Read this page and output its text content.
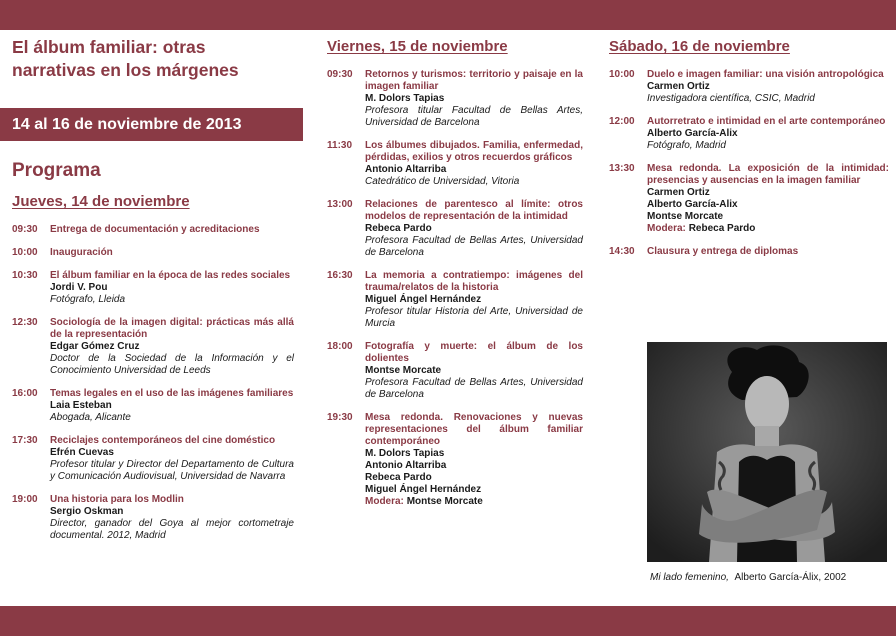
El álbum familiar: otras
narrativas en los márgenes
14 al 16 de noviembre de 2013
Programa
Jueves, 14 de noviembre
09:30	Entrega de documentación y acreditaciones
10:00	Inauguración
10:30	El álbum familiar en la época de las redes sociales
Jordi V. Pou
Fotógrafo, Lleida
12:30	Sociología de la imagen digital: prácticas más allá de la representación
Edgar Gómez Cruz
Doctor de la Sociedad de la Información y el Conocimiento Universidad de Leeds
16:00	Temas legales en el uso de las imágenes familiares
Laia Esteban
Abogada, Alicante
17:30	Reciclajes contemporáneos del cine doméstico
Efrén Cuevas
Profesor titular y Director del Departamento de Cultura y Comunicación Audiovisual, Universidad de Navarra
19:00	Una historia para los Modlin
Sergio Oskman
Director, ganador del Goya al mejor cortometraje documental. 2012, Madrid
Viernes, 15 de noviembre
09:30	Retornos y turismos: territorio y paisaje en la imagen familiar
M. Dolors Tapias
Profesora titular Facultad de Bellas Artes, Universidad de Barcelona
11:30	Los álbumes dibujados. Familia, enfermedad, pérdidas, exilios y otros recuerdos gráficos
Antonio Altarriba
Catedrático de Universidad, Vitoria
13:00	Relaciones de parentesco al límite: otros modelos de representación de la intimidad
Rebeca Pardo
Profesora Facultad de Bellas Artes, Universidad de Barcelona
16:30	La memoria a contratiempo: imágenes del trauma/relatos de la historia
Miguel Ángel Hernández
Profesor titular Historia del Arte, Universidad de Murcia
18:00	Fotografía y muerte: el álbum de los dolientes
Montse Morcate
Profesora Facultad de Bellas Artes, Universidad de Barcelona
19:30	Mesa redonda. Renovaciones y nuevas representaciones del álbum familiar contemporáneo
M. Dolors Tapias
Antonio Altarriba
Rebeca Pardo
Miguel Ángel Hernández
Modera: Montse Morcate
Sábado, 16 de noviembre
10:00	Duelo e imagen familiar: una visión antropológica
Carmen Ortiz
Investigadora científica, CSIC, Madrid
12:00	Autorretrato e intimidad en el arte contemporáneo
Alberto García-Alix
Fotógrafo, Madrid
13:30	Mesa redonda. La exposición de la intimidad: presencias y ausencias en la imagen familiar
Carmen Ortiz
Alberto García-Alix
Montse Morcate
Modera: Rebeca Pardo
14:30	Clausura y entrega de diplomas
Mi lado femenino, Alberto García-Álix, 2002
